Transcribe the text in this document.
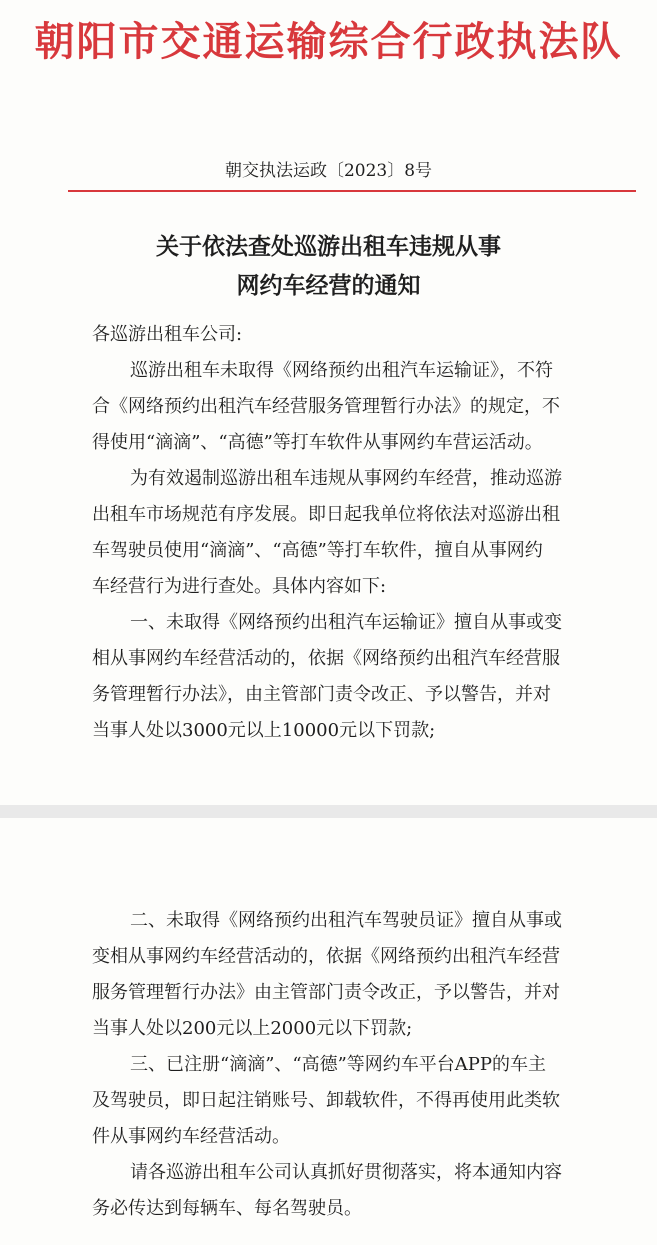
朝阳市交通运输综合行政执法队
朝交执法运政〔2023〕8号
关于依法查处巡游出租车违规从事
网约车经营的通知
各巡游出租车公司:
巡游出租车未取得《网络预约出租汽车运输证》，不符
合《网络预约出租汽车经营服务管理暂行办法》的规定，不
得使用“滴滴”、“高德”等打车软件从事网约车营运活动。
为有效遏制巡游出租车违规从事网约车经营，推动巡游
出租车市场规范有序发展。即日起我单位将依法对巡游出租
车驾驶员使用“滴滴”、“高德”等打车软件，擅自从事网约
车经营行为进行查处。具体内容如下:
一、未取得《网络预约出租汽车运输证》擅自从事或变
相从事网约车经营活动的，依据《网络预约出租汽车经营服
务管理暂行办法》，由主管部门责令改正、予以警告，并对
当事人处以3000元以上10000元以下罚款;
二、未取得《网络预约出租汽车驾驶员证》擅自从事或
变相从事网约车经营活动的，依据《网络预约出租汽车经营
服务管理暂行办法》由主管部门责令改正，予以警告，并对
当事人处以200元以上2000元以下罚款;
三、已注册“滴滴”、“高德”等网约车平台APP的车主
及驾驶员，即日起注销账号、卸载软件，不得再使用此类软
件从事网约车经营活动。
请各巡游出租车公司认真抓好贯彻落实，将本通知内容
务必传达到每辆车、每名驾驶员。
